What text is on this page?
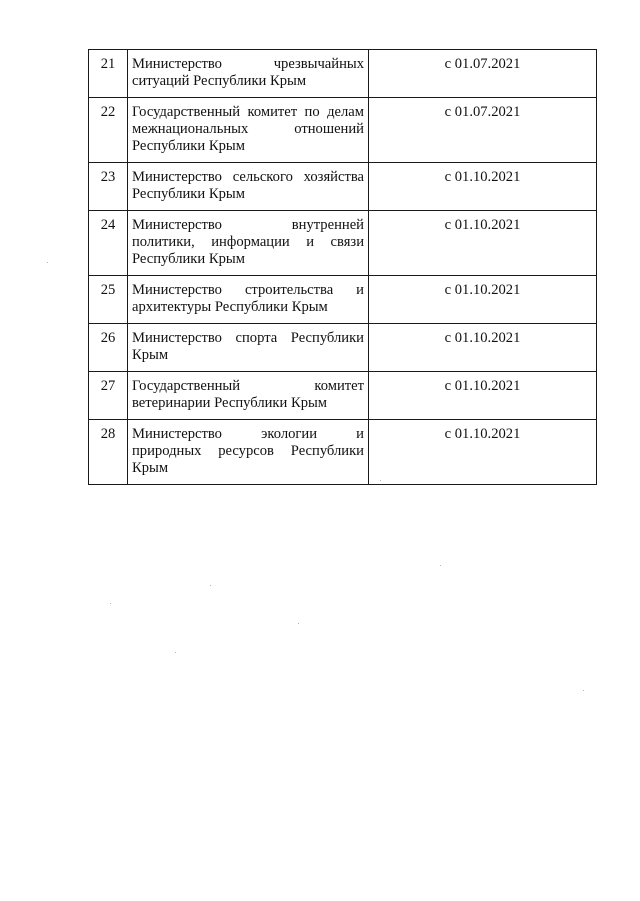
21	Министерство чрезвычайных ситуаций Республики Крым	с 01.07.2021
22	Государственный комитет по делам межнациональных отношений Республики Крым	с 01.07.2021
23	Министерство сельского хозяйства Республики Крым	с 01.10.2021
24	Министерство внутренней политики, информации и связи Республики Крым	с 01.10.2021
25	Министерство строительства и архитектуры Республики Крым	с 01.10.2021
26	Министерство спорта Республики Крым	с 01.10.2021
27	Государственный комитет ветеринарии Республики Крым	с 01.10.2021
28	Министерство экологии и природных ресурсов Республики Крым	с 01.10.2021
